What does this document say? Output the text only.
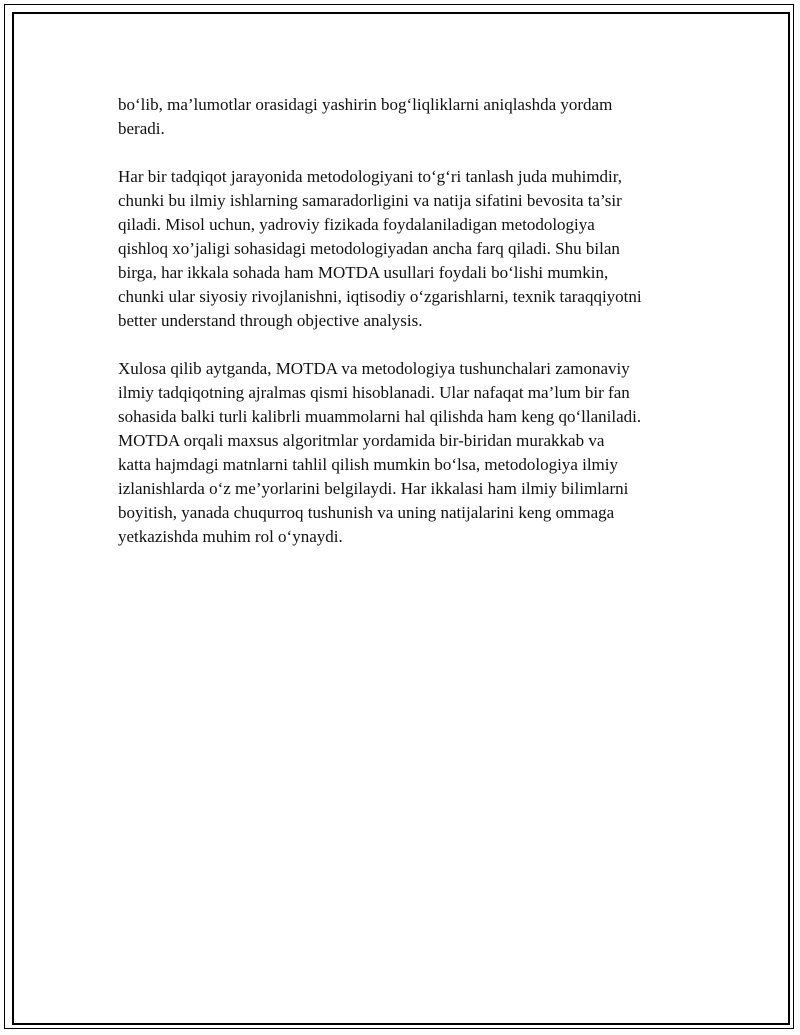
bo‘lib, ma’lumotlar orasidagi yashirin bog‘liqliklarni aniqlashda yordam
beradi.

Har bir tadqiqot jarayonida metodologiyani to‘g‘ri tanlash juda muhimdir,
chunki bu ilmiy ishlarning samaradorligini va natija sifatini bevosita ta’sir
qiladi. Misol uchun, yadroviy fizikada foydalaniladigan metodologiya
qishloq xo’jaligi sohasidagi metodologiyadan ancha farq qiladi. Shu bilan
birga, har ikkala sohada ham MOTDA usullari foydali bo‘lishi mumkin,
chunki ular siyosiy rivojlanishni, iqtisodiy o‘zgarishlarni, texnik taraqqiyotni
better understand through objective analysis.

Xulosa qilib aytganda, MOTDA va metodologiya tushunchalari zamonaviy
ilmiy tadqiqotning ajralmas qismi hisoblanadi. Ular nafaqat ma’lum bir fan
sohasida balki turli kalibrli muammolarni hal qilishda ham keng qo‘llaniladi.
MOTDA orqali maxsus algoritmlar yordamida bir-biridan murakkab va
katta hajmdagi matnlarni tahlil qilish mumkin bo‘lsa, metodologiya ilmiy
izlanishlarda o‘z me’yorlarini belgilaydi. Har ikkalasi ham ilmiy bilimlarni
boyitish, yanada chuqurroq tushunish va uning natijalarini keng ommaga
yetkazishda muhim rol o‘ynaydi.
